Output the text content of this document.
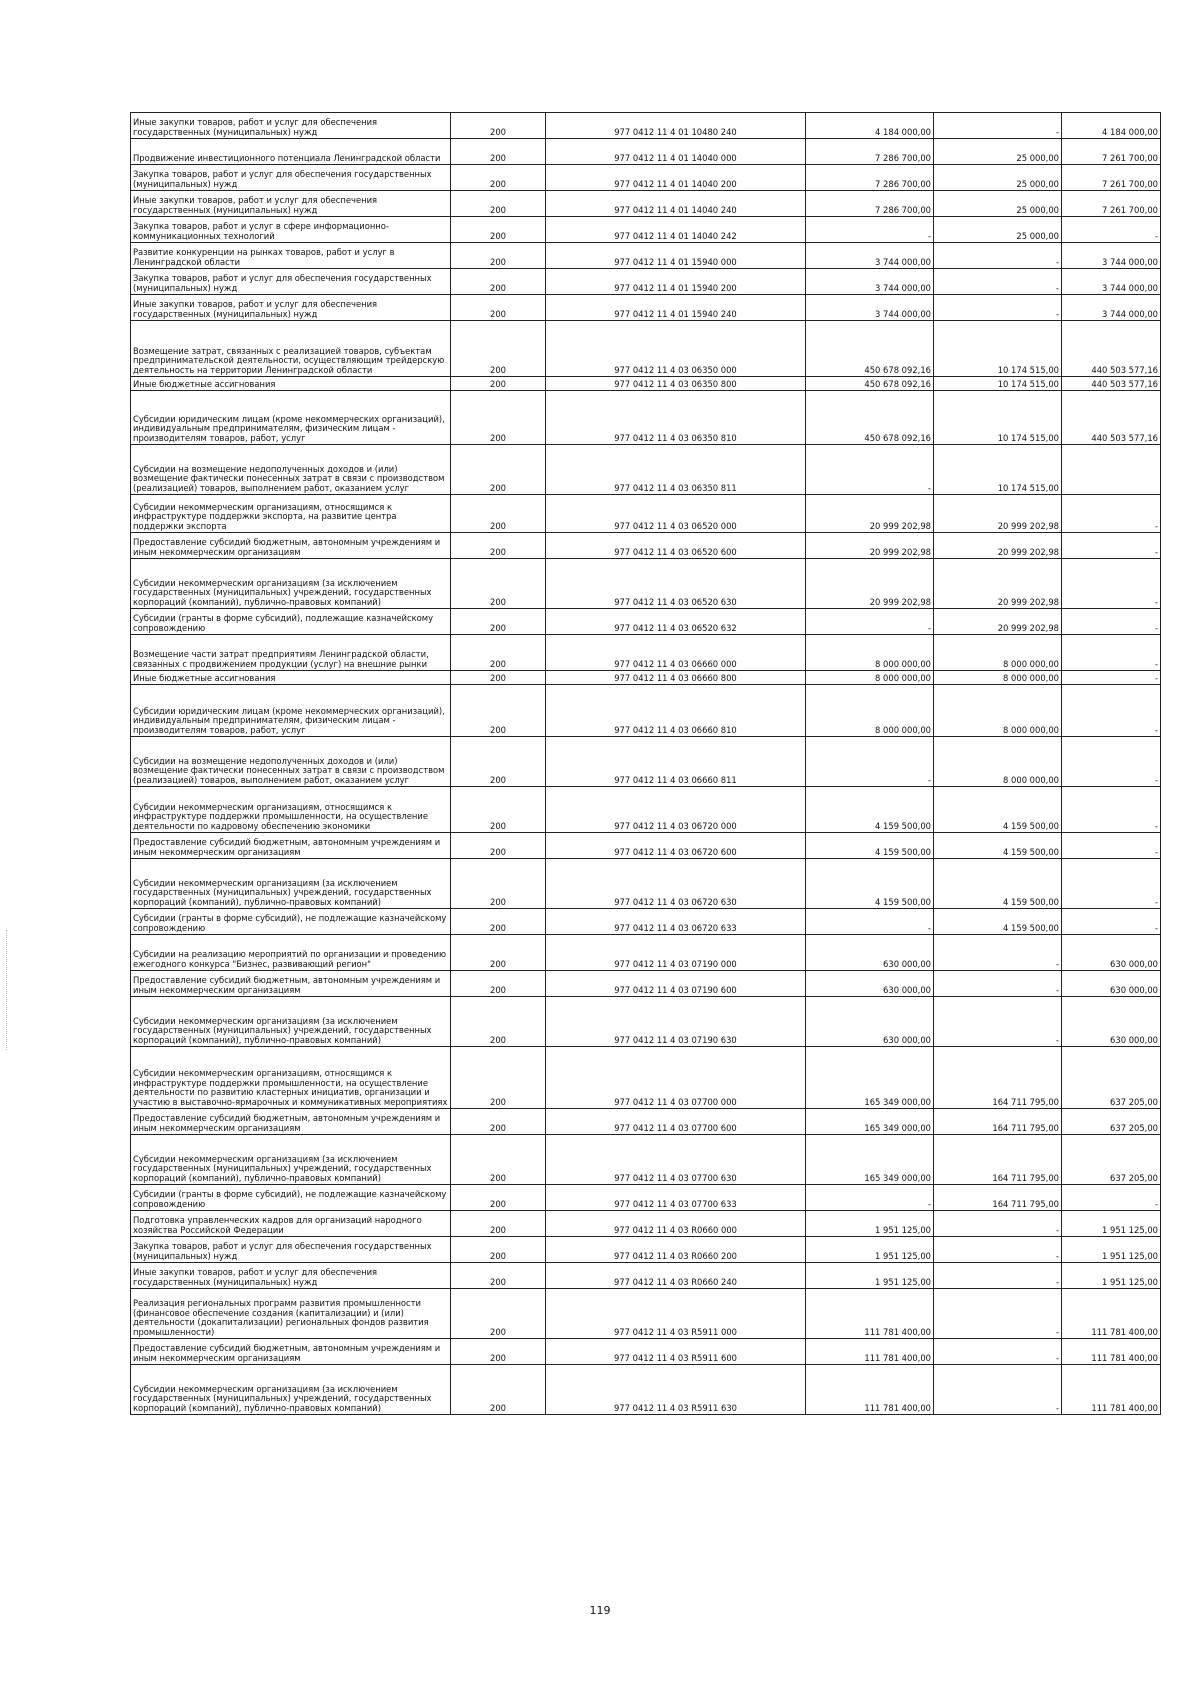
Иные закупки товаров, работ и услуг для обеспечения государственных (муниципальных) нужд	200	977 0412 11 4 01 10480 240	4 184 000,00	-	4 184 000,00
Продвижение инвестиционного потенциала Ленинградской области	200	977 0412 11 4 01 14040 000	7 286 700,00	25 000,00	7 261 700,00
Закупка товаров, работ и услуг для обеспечения государственных (муниципальных) нужд	200	977 0412 11 4 01 14040 200	7 286 700,00	25 000,00	7 261 700,00
Иные закупки товаров, работ и услуг для обеспечения государственных (муниципальных) нужд	200	977 0412 11 4 01 14040 240	7 286 700,00	25 000,00	7 261 700,00
Закупка товаров, работ и услуг в сфере информационно-коммуникационных технологий	200	977 0412 11 4 01 14040 242	-	25 000,00	-
Развитие конкуренции на рынках товаров, работ и услуг в Ленинградской области	200	977 0412 11 4 01 15940 000	3 744 000,00	-	3 744 000,00
Закупка товаров, работ и услуг для обеспечения государственных (муниципальных) нужд	200	977 0412 11 4 01 15940 200	3 744 000,00	-	3 744 000,00
Иные закупки товаров, работ и услуг для обеспечения государственных (муниципальных) нужд	200	977 0412 11 4 01 15940 240	3 744 000,00	-	3 744 000,00
Возмещение затрат, связанных с реализацией товаров, субъектам предпринимательской деятельности, осуществляющим трейдерскую деятельность на территории Ленинградской области	200	977 0412 11 4 03 06350 000	450 678 092,16	10 174 515,00	440 503 577,16
Иные бюджетные ассигнования	200	977 0412 11 4 03 06350 800	450 678 092,16	10 174 515,00	440 503 577,16
Субсидии юридическим лицам (кроме некоммерческих организаций), индивидуальным предпринимателям, физическим лицам - производителям товаров, работ, услуг	200	977 0412 11 4 03 06350 810	450 678 092,16	10 174 515,00	440 503 577,16
Субсидии на возмещение недополученных доходов и (или) возмещение фактически понесенных затрат в связи с производством (реализацией) товаров, выполнением работ, оказанием услуг	200	977 0412 11 4 03 06350 811	-	10 174 515,00	
Субсидии некоммерческим организациям, относящимся к инфраструктуре поддержки экспорта, на развитие центра поддержки экспорта	200	977 0412 11 4 03 06520 000	20 999 202,98	20 999 202,98	-
Предоставление субсидий бюджетным, автономным учреждениям и иным некоммерческим организациям	200	977 0412 11 4 03 06520 600	20 999 202,98	20 999 202,98	-
Субсидии некоммерческим организациям (за исключением государственных (муниципальных) учреждений, государственных корпораций (компаний), публично-правовых компаний)	200	977 0412 11 4 03 06520 630	20 999 202,98	20 999 202,98	-
Субсидии (гранты в форме субсидий), подлежащие казначейскому сопровождению	200	977 0412 11 4 03 06520 632	-	20 999 202,98	-
Возмещение части затрат предприятиям Ленинградской области, связанных с продвижением продукции (услуг) на внешние рынки	200	977 0412 11 4 03 06660 000	8 000 000,00	8 000 000,00	-
Иные бюджетные ассигнования	200	977 0412 11 4 03 06660 800	8 000 000,00	8 000 000,00	-
Субсидии юридическим лицам (кроме некоммерческих организаций), индивидуальным предпринимателям, физическим лицам - производителям товаров, работ, услуг	200	977 0412 11 4 03 06660 810	8 000 000,00	8 000 000,00	-
Субсидии на возмещение недополученных доходов и (или) возмещение фактически понесенных затрат в связи с производством (реализацией) товаров, выполнением работ, оказанием услуг	200	977 0412 11 4 03 06660 811	-	8 000 000,00	-
Субсидии некоммерческим организациям, относящимся к инфраструктуре поддержки промышленности, на осуществление деятельности по кадровому обеспечению экономики	200	977 0412 11 4 03 06720 000	4 159 500,00	4 159 500,00	-
Предоставление субсидий бюджетным, автономным учреждениям и иным некоммерческим организациям	200	977 0412 11 4 03 06720 600	4 159 500,00	4 159 500,00	-
Субсидии некоммерческим организациям (за исключением государственных (муниципальных) учреждений, государственных корпораций (компаний), публично-правовых компаний)	200	977 0412 11 4 03 06720 630	4 159 500,00	4 159 500,00	-
Субсидии (гранты в форме субсидий), не подлежащие казначейскому сопровождению	200	977 0412 11 4 03 06720 633	-	4 159 500,00	-
Субсидии на реализацию мероприятий по организации и проведению ежегодного конкурса "Бизнес, развивающий регион"	200	977 0412 11 4 03 07190 000	630 000,00	-	630 000,00
Предоставление субсидий бюджетным, автономным учреждениям и иным некоммерческим организациям	200	977 0412 11 4 03 07190 600	630 000,00	-	630 000,00
Субсидии некоммерческим организациям (за исключением государственных (муниципальных) учреждений, государственных корпораций (компаний), публично-правовых компаний)	200	977 0412 11 4 03 07190 630	630 000,00	-	630 000,00
Субсидии некоммерческим организациям, относящимся к инфраструктуре поддержки промышленности, на осуществление деятельности по развитию кластерных инициатив, организации и участию в выставочно-ярмарочных и коммуникативных мероприятиях	200	977 0412 11 4 03 07700 000	165 349 000,00	164 711 795,00	637 205,00
Предоставление субсидий бюджетным, автономным учреждениям и иным некоммерческим организациям	200	977 0412 11 4 03 07700 600	165 349 000,00	164 711 795,00	637 205,00
Субсидии некоммерческим организациям (за исключением государственных (муниципальных) учреждений, государственных корпораций (компаний), публично-правовых компаний)	200	977 0412 11 4 03 07700 630	165 349 000,00	164 711 795,00	637 205,00
Субсидии (гранты в форме субсидий), не подлежащие казначейскому сопровождению	200	977 0412 11 4 03 07700 633	-	164 711 795,00	-
Подготовка управленческих кадров для организаций народного хозяйства Российской Федерации	200	977 0412 11 4 03 R0660 000	1 951 125,00	-	1 951 125,00
Закупка товаров, работ и услуг для обеспечения государственных (муниципальных) нужд	200	977 0412 11 4 03 R0660 200	1 951 125,00	-	1 951 125,00
Иные закупки товаров, работ и услуг для обеспечения государственных (муниципальных) нужд	200	977 0412 11 4 03 R0660 240	1 951 125,00	-	1 951 125,00
Реализация региональных программ развития промышленности (финансовое обеспечение создания (капитализации) и (или) деятельности (докапитализации) региональных фондов развития промышленности)	200	977 0412 11 4 03 R5911 000	111 781 400,00	-	111 781 400,00
Предоставление субсидий бюджетным, автономным учреждениям и иным некоммерческим организациям	200	977 0412 11 4 03 R5911 600	111 781 400,00	-	111 781 400,00
Субсидии некоммерческим организациям (за исключением государственных (муниципальных) учреждений, государственных корпораций (компаний), публично-правовых компаний)	200	977 0412 11 4 03 R5911 630	111 781 400,00	-	111 781 400,00
119
